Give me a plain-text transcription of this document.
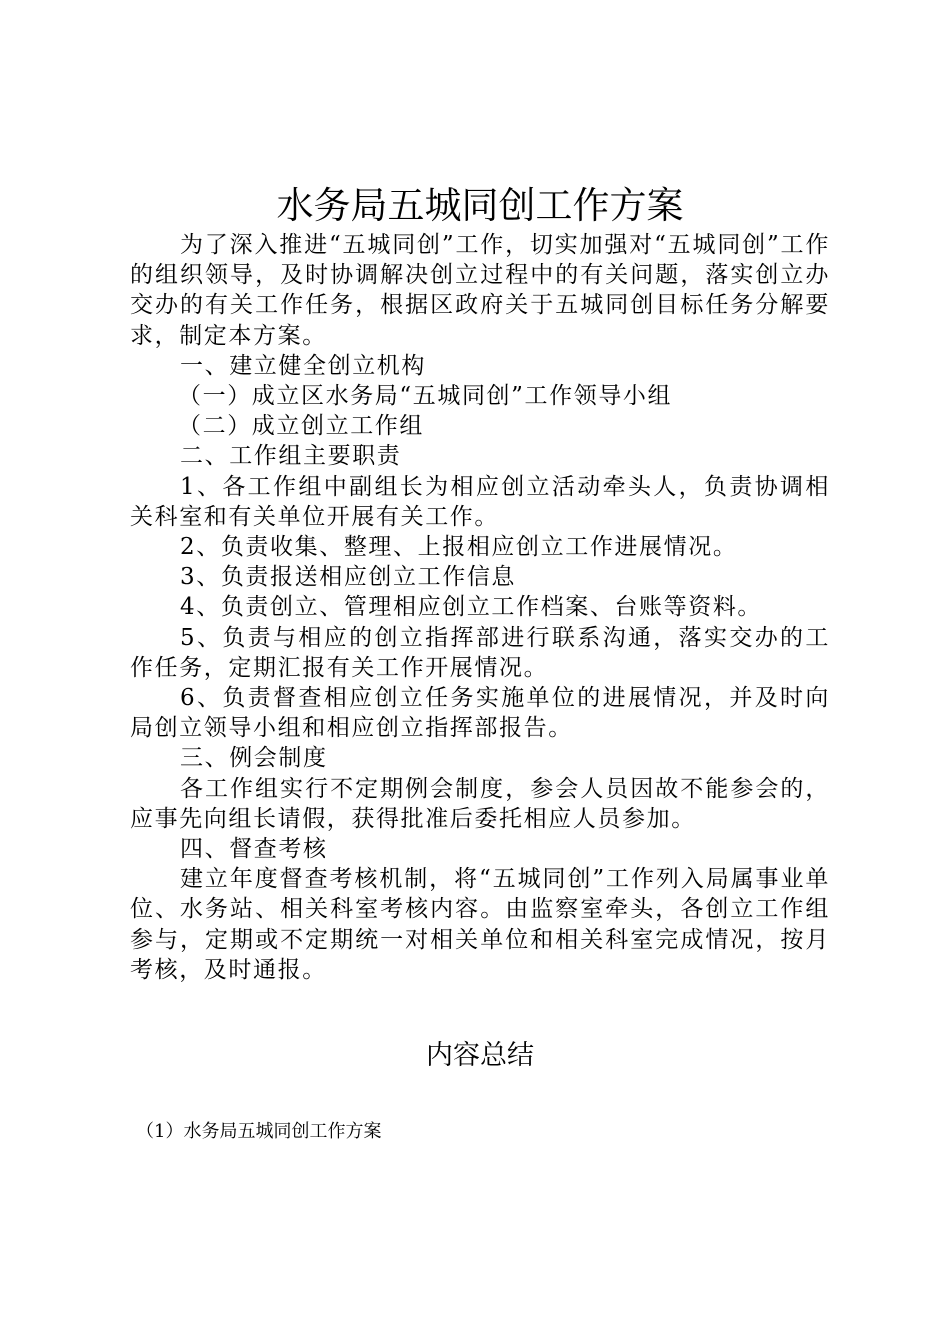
水务局五城同创工作方案

为了深入推进“五城同创”工作，切实加强对“五城同创”工作的组织领导，及时协调解决创立过程中的有关问题，落实创立办交办的有关工作任务，根据区政府关于五城同创目标任务分解要求，制定本方案。

一、建立健全创立机构

（一）成立区水务局“五城同创”工作领导小组

（二）成立创立工作组

二、工作组主要职责

1、各工作组中副组长为相应创立活动牵头人，负责协调相关科室和有关单位开展有关工作。

2、负责收集、整理、上报相应创立工作进展情况。

3、负责报送相应创立工作信息

4、负责创立、管理相应创立工作档案、台账等资料。

5、负责与相应的创立指挥部进行联系沟通，落实交办的工作任务，定期汇报有关工作开展情况。

6、负责督查相应创立任务实施单位的进展情况，并及时向局创立领导小组和相应创立指挥部报告。

三、例会制度

各工作组实行不定期例会制度，参会人员因故不能参会的，应事先向组长请假，获得批准后委托相应人员参加。

四、督查考核

建立年度督查考核机制，将“五城同创”工作列入局属事业单位、水务站、相关科室考核内容。由监察室牵头，各创立工作组参与，定期或不定期统一对相关单位和相关科室完成情况，按月考核，及时通报。

内容总结

（1）水务局五城同创工作方案
